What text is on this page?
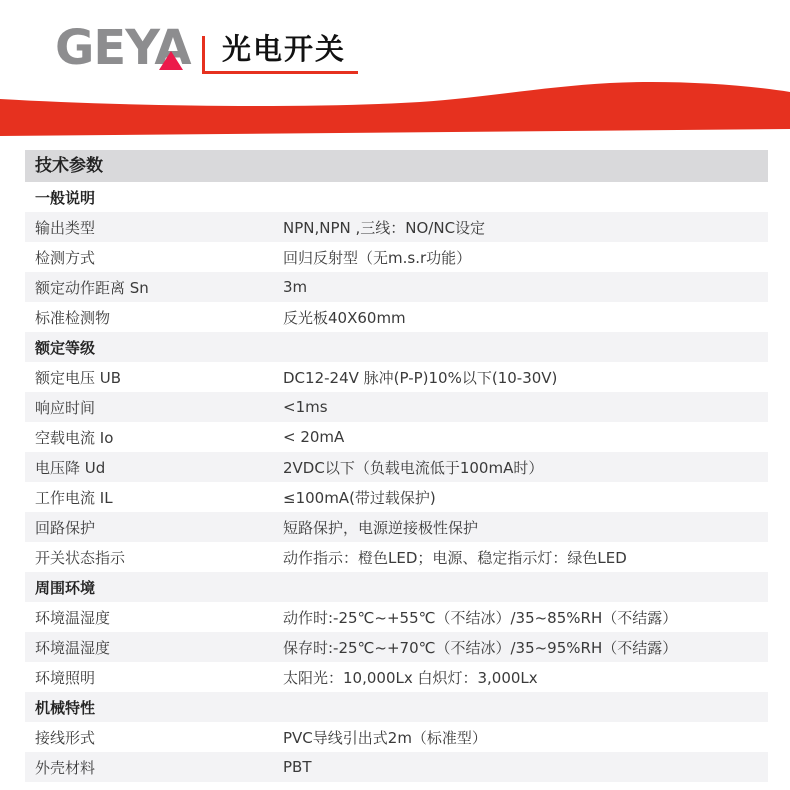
GEYA 光电开关
技术参数
一般说明
输出类型	NPN,NPN ,三线：NO/NC设定
检测方式	回归反射型（无m.s.r功能）
额定动作距离 Sn	3m
标准检测物	反光板40X60mm
额定等级
额定电压 UB	DC12-24V 脉冲(P-P)10%以下(10-30V)
响应时间	<1ms
空载电流 Io	< 20mA
电压降 Ud	2VDC以下（负载电流低于100mA时）
工作电流 IL	≤100mA(带过载保护)
回路保护	短路保护，电源逆接极性保护
开关状态指示	动作指示：橙色LED；电源、稳定指示灯：绿色LED
周围环境
环境温湿度	动作时:-25℃~+55℃（不结冰）/35~85%RH（不结露）
环境温湿度	保存时:-25℃~+70℃（不结冰）/35~95%RH（不结露）
环境照明	太阳光：10,000Lx 白炽灯：3,000Lx
机械特性
接线形式	PVC导线引出式2m（标准型）
外壳材料	PBT
